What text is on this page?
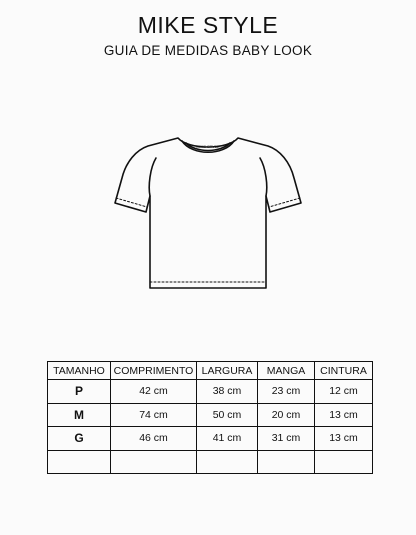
MIKE STYLE
GUIA DE MEDIDAS BABY LOOK
MIKE STYLE
TAMANHO	COMPRIMENTO	LARGURA	MANGA	CINTURA
P	42 cm	38 cm	23 cm	12 cm
M	74 cm	50 cm	20 cm	13 cm
G	46 cm	41 cm	31 cm	13 cm
